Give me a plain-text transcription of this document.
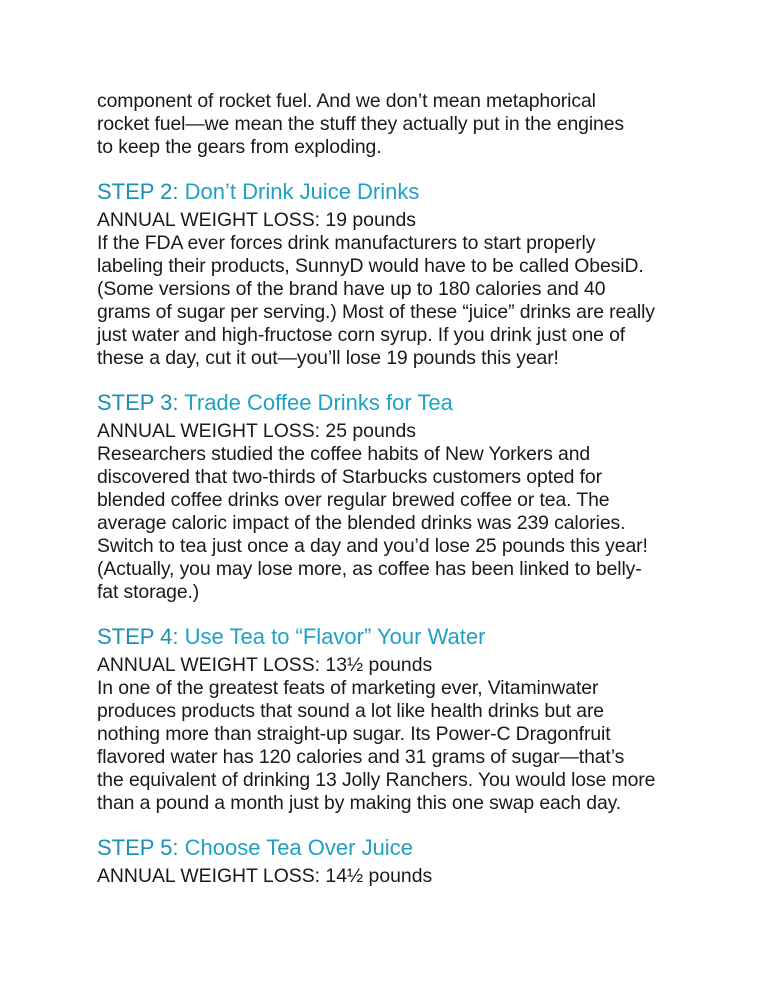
component of rocket fuel. And we don’t mean metaphorical
rocket fuel—we mean the stuff they actually put in the engines
to keep the gears from exploding.

STEP 2: Don’t Drink Juice Drinks

ANNUAL WEIGHT LOSS: 19 pounds

If the FDA ever forces drink manufacturers to start properly
labeling their products, SunnyD would have to be called ObesiD.
(Some versions of the brand have up to 180 calories and 40
grams of sugar per serving.) Most of these “juice” drinks are really
just water and high-fructose corn syrup. If you drink just one of
these a day, cut it out—you’ll lose 19 pounds this year!

STEP 3: Trade Coffee Drinks for Tea

ANNUAL WEIGHT LOSS: 25 pounds

Researchers studied the coffee habits of New Yorkers and
discovered that two-thirds of Starbucks customers opted for
blended coffee drinks over regular brewed coffee or tea. The
average caloric impact of the blended drinks was 239 calories.
Switch to tea just once a day and you’d lose 25 pounds this year!
(Actually, you may lose more, as coffee has been linked to belly-
fat storage.)

STEP 4: Use Tea to “Flavor” Your Water

ANNUAL WEIGHT LOSS: 13½ pounds

In one of the greatest feats of marketing ever, Vitaminwater
produces products that sound a lot like health drinks but are
nothing more than straight-up sugar. Its Power-C Dragonfruit
flavored water has 120 calories and 31 grams of sugar—that’s
the equivalent of drinking 13 Jolly Ranchers. You would lose more
than a pound a month just by making this one swap each day.

STEP 5: Choose Tea Over Juice

ANNUAL WEIGHT LOSS: 14½ pounds
